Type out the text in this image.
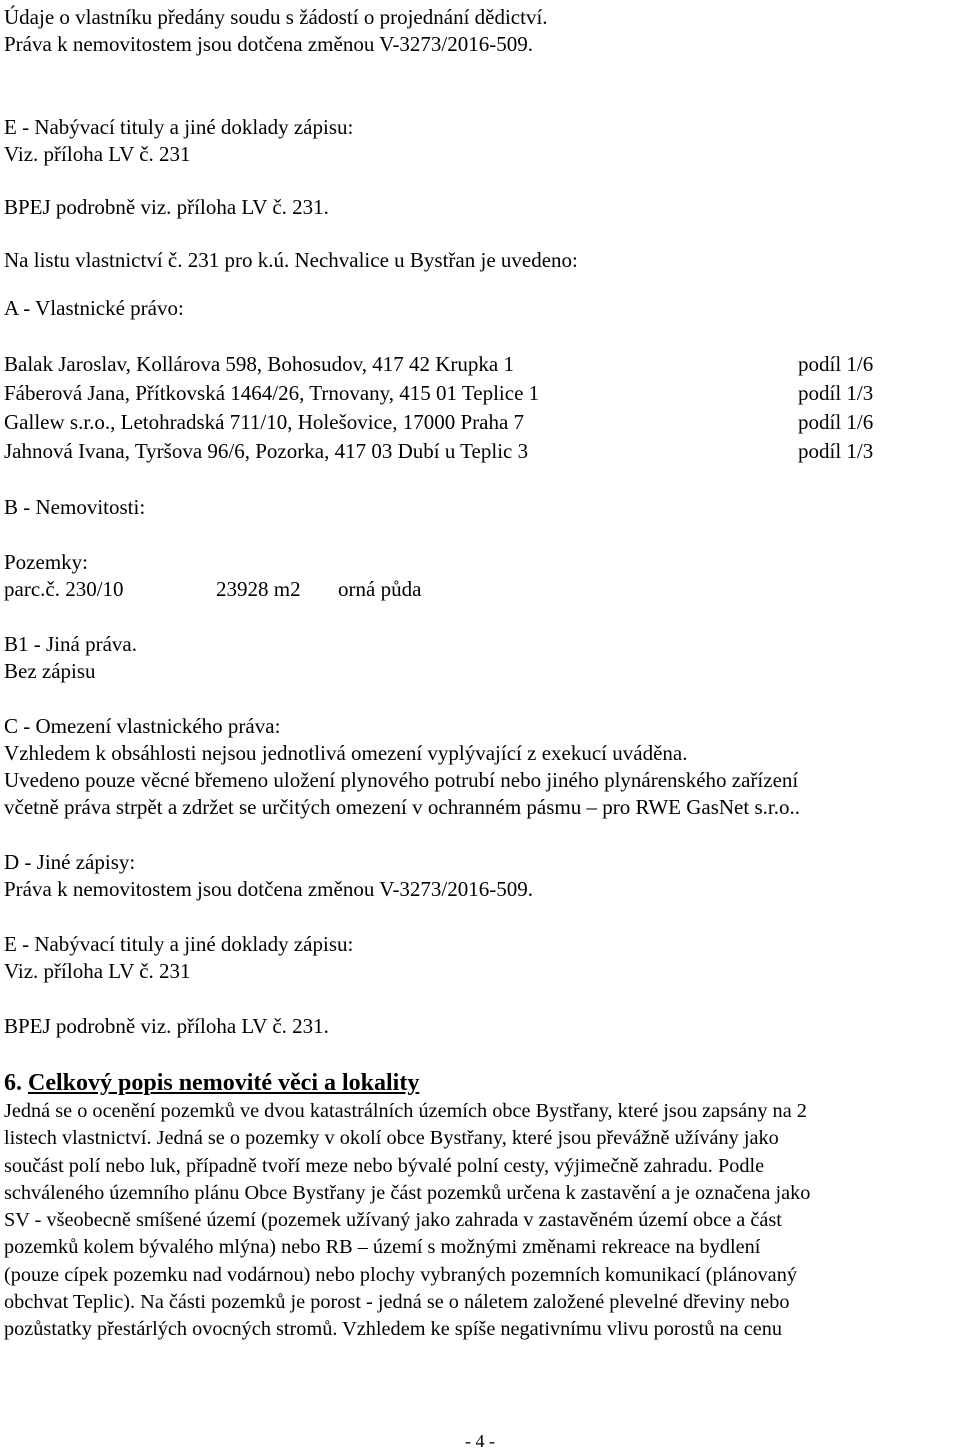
Údaje o vlastníku předány soudu s žádostí o projednání dědictví.
Práva k nemovitostem jsou dotčena změnou V-3273/2016-509.
E - Nabývací tituly a jiné doklady zápisu:
Viz. příloha LV č. 231
BPEJ podrobně viz. příloha LV č. 231.
Na listu vlastnictví č. 231 pro k.ú. Nechvalice u Bystřan je uvedeno:
A - Vlastnické právo:
Balak Jaroslav, Kollárova 598, Bohosudov, 417 42 Krupka 1	podíl 1/6
Fáberová Jana, Přítkovská 1464/26, Trnovany, 415 01 Teplice 1	podíl 1/3
Gallew s.r.o., Letohradská 711/10, Holešovice, 17000 Praha 7	podíl 1/6
Jahnová Ivana, Tyršova 96/6, Pozorka, 417 03 Dubí u Teplic 3	podíl 1/3
B - Nemovitosti:
Pozemky:
parc.č. 230/10	23928 m2 orná půda
B1 - Jiná práva.
Bez zápisu
C - Omezení vlastnického práva:
Vzhledem k obsáhlosti nejsou jednotlivá omezení vyplývající z exekucí uváděna.
Uvedeno pouze věcné břemeno uložení plynového potrubí nebo jiného plynárenského zařízení
včetně práva strpět a zdržet se určitých omezení v ochranném pásmu – pro RWE GasNet s.r.o..
D - Jiné zápisy:
Práva k nemovitostem jsou dotčena změnou V-3273/2016-509.
E - Nabývací tituly a jiné doklady zápisu:
Viz. příloha LV č. 231
BPEJ podrobně viz. příloha LV č. 231.
6. Celkový popis nemovité věci a lokality
Jedná se o ocenění pozemků ve dvou katastrálních územích obce Bystřany, které jsou zapsány na 2
listech vlastnictví. Jedná se o pozemky v okolí obce Bystřany, které jsou převážně užívány jako
součást polí nebo luk, případně tvoří meze nebo bývalé polní cesty, výjimečně zahradu. Podle
schváleného územního plánu Obce Bystřany je část pozemků určena k zastavění a je označena jako
SV - všeobecně smíšené území (pozemek užívaný jako zahrada v zastavěném území obce a část
pozemků kolem bývalého mlýna) nebo RB – území s možnými změnami rekreace na bydlení
(pouze cípek pozemku nad vodárnou) nebo plochy vybraných pozemních komunikací (plánovaný
obchvat Teplic). Na části pozemků je porost - jedná se o náletem založené plevelné dřeviny nebo
pozůstatky přestárlých ovocných stromů. Vzhledem ke spíše negativnímu vlivu porostů na cenu
- 4 -
